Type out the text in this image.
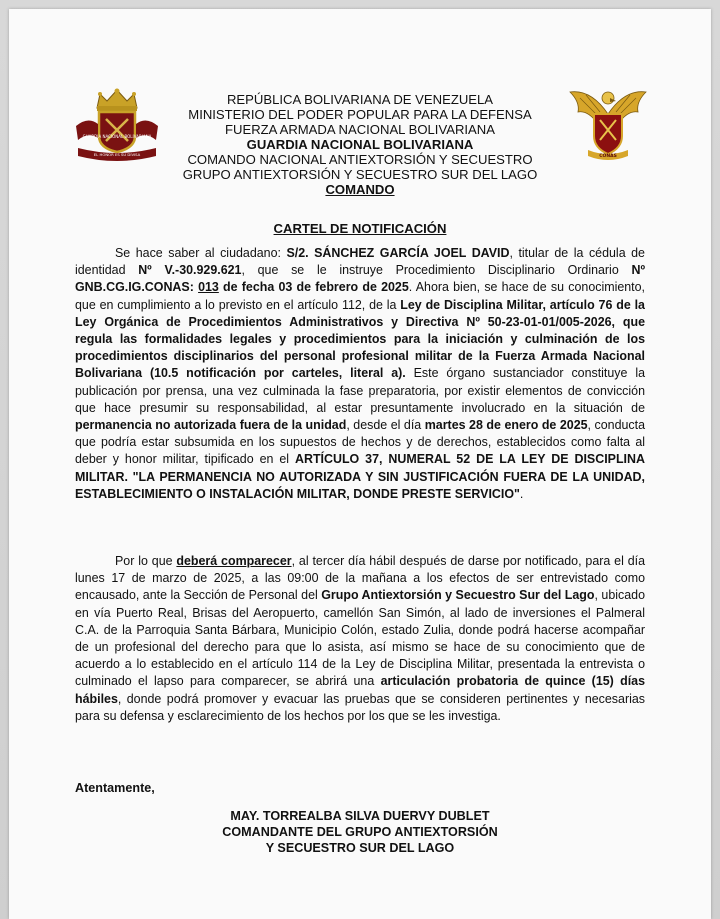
GUARDIA NACIONAL BOLIVARIANA
EL HONOR ES SU DIVISA	CONAS
REPÚBLICA BOLIVARIANA DE VENEZUELA
MINISTERIO DEL PODER POPULAR PARA LA DEFENSA
FUERZA ARMADA NACIONAL BOLIVARIANA
GUARDIA NACIONAL BOLIVARIANA
COMANDO NACIONAL ANTIEXTORSIÓN Y SECUESTRO
GRUPO ANTIEXTORSIÓN Y SECUESTRO SUR DEL LAGO
COMANDO
CARTEL DE NOTIFICACIÓN
Se hace saber al ciudadano: S/2. SÁNCHEZ GARCÍA JOEL DAVID, titular de la cédula de identidad Nº V.-30.929.621, que se le instruye Procedimiento Disciplinario Ordinario Nº GNB.CG.IG.CONAS: 013 de fecha 03 de febrero de 2025. Ahora bien, se hace de su conocimiento, que en cumplimiento a lo previsto en el artículo 112, de la Ley de Disciplina Militar, artículo 76 de la Ley Orgánica de Procedimientos Administrativos y Directiva Nº 50-23-01-01/005-2026, que regula las formalidades legales y procedimientos para la iniciación y culminación de los procedimientos disciplinarios del personal profesional militar de la Fuerza Armada Nacional Bolivariana (10.5 notificación por carteles, literal a). Este órgano sustanciador constituye la publicación por prensa, una vez culminada la fase preparatoria, por existir elementos de convicción que hace presumir su responsabilidad, al estar presuntamente involucrado en la situación de permanencia no autorizada fuera de la unidad, desde el día martes 28 de enero de 2025, conducta que podría estar subsumida en los supuestos de hechos y de derechos, establecidos como falta al deber y honor militar, tipificado en el ARTÍCULO 37, NUMERAL 52 DE LA LEY DE DISCIPLINA MILITAR. "LA PERMANENCIA NO AUTORIZADA Y SIN JUSTIFICACIÓN FUERA DE LA UNIDAD, ESTABLECIMIENTO O INSTALACIÓN MILITAR, DONDE PRESTE SERVICIO".
Por lo que deberá comparecer, al tercer día hábil después de darse por notificado, para el día lunes 17 de marzo de 2025, a las 09:00 de la mañana a los efectos de ser entrevistado como encausado, ante la Sección de Personal del Grupo Antiextorsión y Secuestro Sur del Lago, ubicado en vía Puerto Real, Brisas del Aeropuerto, camellón San Simón, al lado de inversiones el Palmeral C.A. de la Parroquia Santa Bárbara, Municipio Colón, estado Zulia, donde podrá hacerse acompañar de un profesional del derecho para que lo asista, así mismo se hace de su conocimiento que de acuerdo a lo establecido en el artículo 114 de la Ley de Disciplina Militar, presentada la entrevista o culminado el lapso para comparecer, se abrirá una articulación probatoria de quince (15) días hábiles, donde podrá promover y evacuar las pruebas que se consideren pertinentes y necesarias para su defensa y esclarecimiento de los hechos por los que se les investiga.
Atentamente,
MAY. TORREALBA SILVA DUERVY DUBLET
COMANDANTE DEL GRUPO ANTIEXTORSIÓN
Y SECUESTRO SUR DEL LAGO
